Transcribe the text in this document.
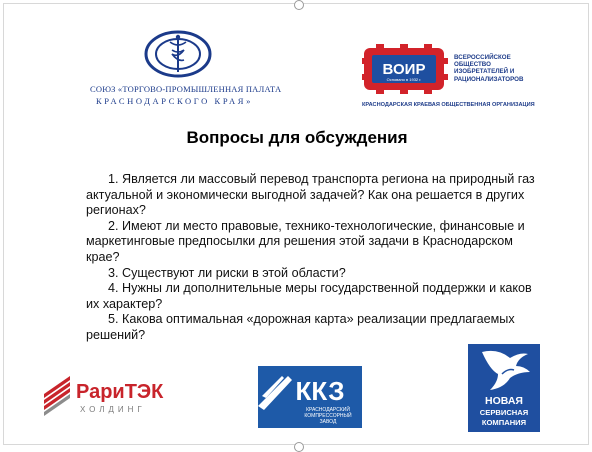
СОЮЗ «ТОРГОВО-ПРОМЫШЛЕННАЯ ПАЛАТА
КРАСНОДАРСКОГО КРАЯ»
ВОИР
Основано в 1932 г.
ВСЕРОССИЙСКОЕ
ОБЩЕСТВО
ИЗОБРЕТАТЕЛЕЙ И
РАЦИОНАЛИЗАТОРОВ
КРАСНОДАРСКАЯ КРАЕВАЯ ОБЩЕСТВЕННАЯ ОРГАНИЗАЦИЯ
Вопросы для обсуждения

1. Является ли массовый перевод транспорта региона на природный газ актуальной и экономически выгодной задачей? Как она решается в других регионах?

2. Имеют ли место правовые, технико-технологические, финансовые и маркетинговые предпосылки для решения этой задачи в Краснодарском крае?

3. Существуют ли риски в этой области?

4. Нужны ли дополнительные меры государственной поддержки и каков их характер?

5. Какова оптимальная «дорожная карта» реализации предлагаемых решений?

РариТЭК
ХОЛДИНГ
ККЗ
КРАСНОДАРСКИЙ
КОМПРЕССОРНЫЙ
ЗАВОД
НОВАЯ
СЕРВИСНАЯ
КОМПАНИЯ
